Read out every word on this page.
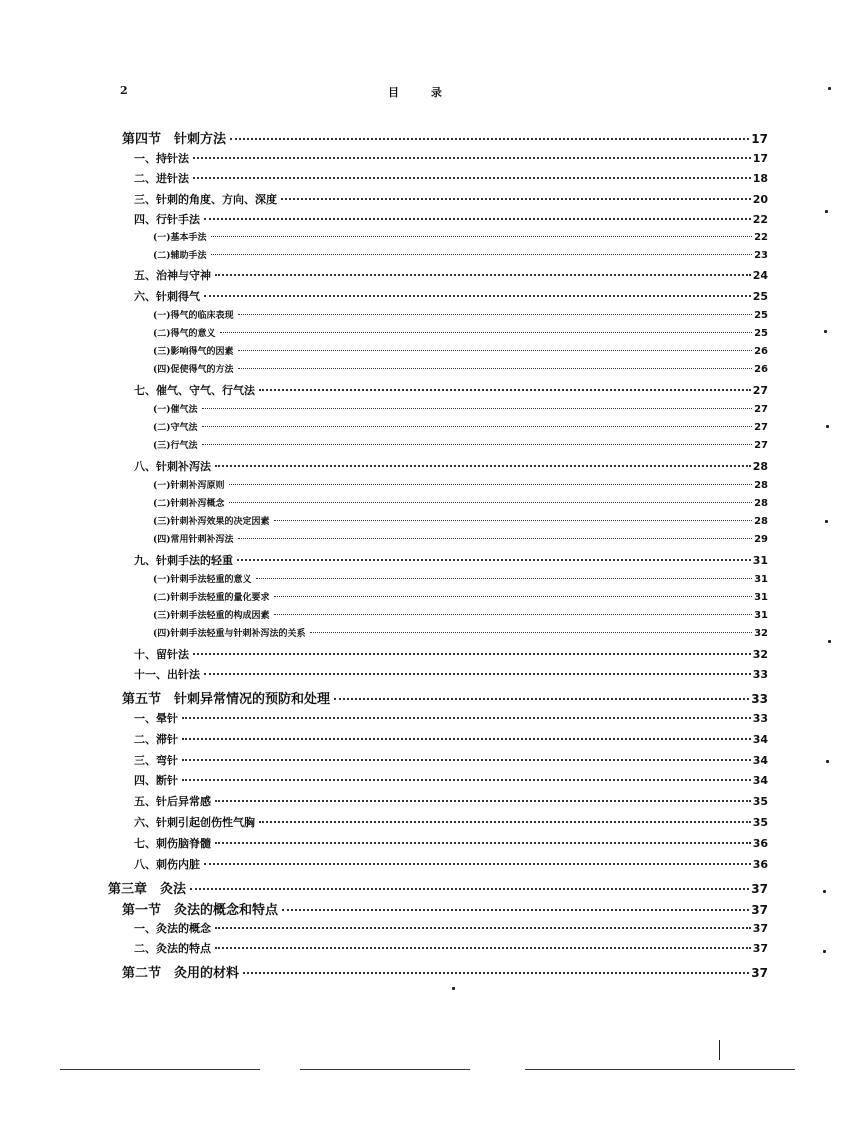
2	目 录
第四节　针刺方法	17
一、持针法	17
二、进针法	18
三、针刺的角度、方向、深度	20
四、行针手法	22
(一)基本手法	22
(二)辅助手法	23
五、治神与守神	24
六、针刺得气	25
(一)得气的临床表现	25
(二)得气的意义	25
(三)影响得气的因素	26
(四)促使得气的方法	26
七、催气、守气、行气法	27
(一)催气法	27
(二)守气法	27
(三)行气法	27
八、针刺补泻法	28
(一)针刺补泻原则	28
(二)针刺补泻概念	28
(三)针刺补泻效果的决定因素	28
(四)常用针刺补泻法	29
九、针刺手法的轻重	31
(一)针刺手法轻重的意义	31
(二)针刺手法轻重的量化要求	31
(三)针刺手法轻重的构成因素	31
(四)针刺手法轻重与针刺补泻法的关系	32
十、留针法	32
十一、出针法	33
第五节　针刺异常情况的预防和处理	33
一、晕针	33
二、滞针	34
三、弯针	34
四、断针	34
五、针后异常感	35
六、针刺引起创伤性气胸	35
七、刺伤脑脊髓	36
八、刺伤内脏	36
第三章　灸法	37
第一节　灸法的概念和特点	37
一、灸法的概念	37
二、灸法的特点	37
第二节　灸用的材料	37
